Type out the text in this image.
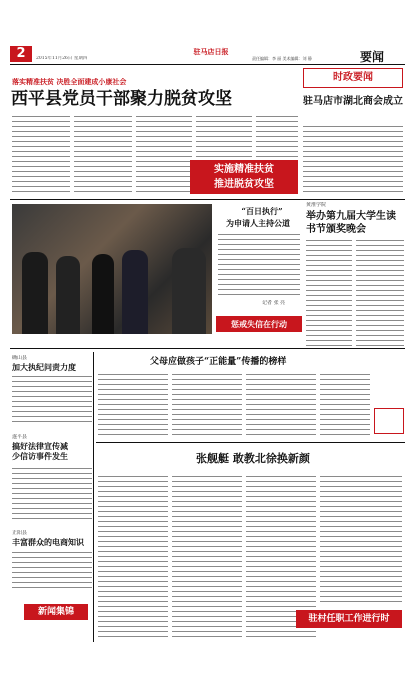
2	2015年11月26日 星期四
驻马店日报
责任编辑：李 丽 美术编辑：刘 静	要闻
落实精准扶贫 决胜全面建成小康社会
西平县党员干部聚力脱贫攻坚
实施精准扶贫
推进脱贫攻坚
时政要闻
驻马店市湖北商会成立
“百日执行”
为申请人主持公道
记者 张 亮
惩戒失信在行动
黄淮学院
举办第九届大学生读书节颁奖晚会
确山县
加大执纪问责力度
遂平县
搞好法律宣传减少信访事件发生
正阳县
丰富群众的电商知识
新闻集锦
父母应做孩子“正能量”传播的榜样
张舰艇 敢教北徐换新颜
驻村任职工作进行时
